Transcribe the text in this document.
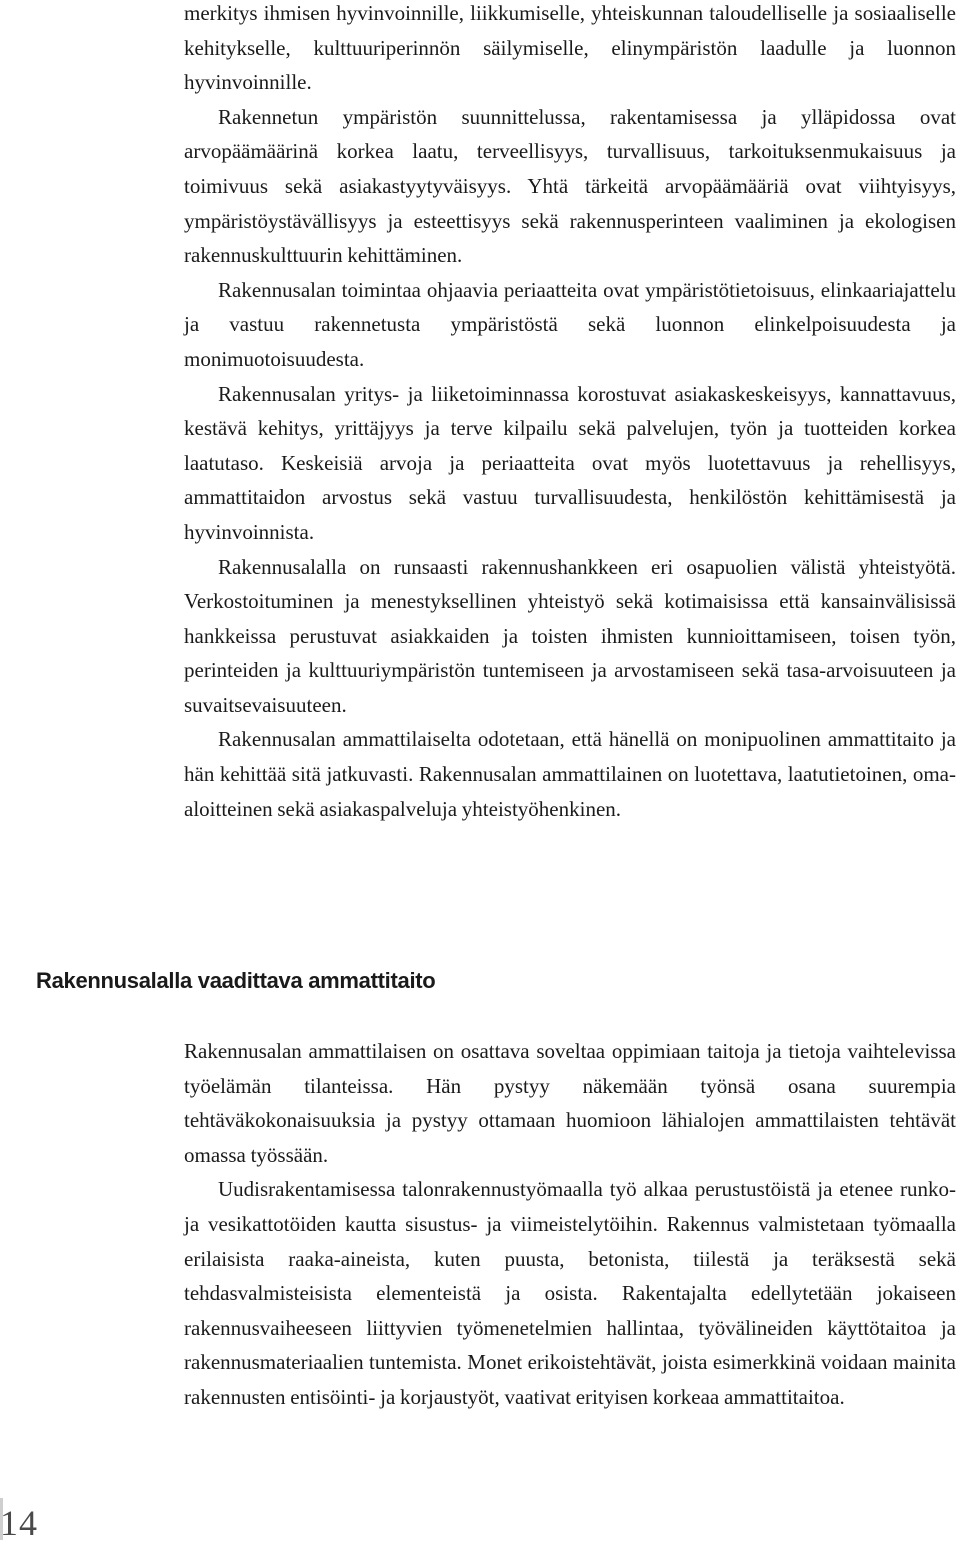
merkitys ihmisen hyvinvoinnille, liikkumiselle, yhteiskunnan taloudelliselle ja sosiaaliselle kehitykselle, kulttuuriperinnön säilymiselle, elinympäristön laadulle ja luonnon hyvinvoinnille.

Rakennetun ympäristön suunnittelussa, rakentamisessa ja ylläpidossa ovat arvopäämäärinä korkea laatu, terveellisyys, turvallisuus, tarkoituksenmukaisuus ja toimivuus sekä asiakastyytyväisyys. Yhtä tärkeitä arvopäämääriä ovat viihtyisyys, ympäristöystävällisyys ja esteettisyys sekä rakennusperinteen vaaliminen ja ekologisen rakennuskulttuurin kehittäminen.

Rakennusalan toimintaa ohjaavia periaatteita ovat ympäristötietoisuus, elinkaariajattelu ja vastuu rakennetusta ympäristöstä sekä luonnon elinkelpoisuudesta ja monimuotoisuudesta.

Rakennusalan yritys- ja liiketoiminnassa korostuvat asiakaskeskeisyys, kannattavuus, kestävä kehitys, yrittäjyys ja terve kilpailu sekä palvelujen, työn ja tuotteiden korkea laatutaso. Keskeisiä arvoja ja periaatteita ovat myös luotettavuus ja rehellisyys, ammattitaidon arvostus sekä vastuu turvallisuudesta, henkilöstön kehittämisestä ja hyvinvoinnista.

Rakennusalalla on runsaasti rakennushankkeen eri osapuolien välistä yhteistyötä. Verkostoituminen ja menestyksellinen yhteistyö sekä kotimaisissa että kansainvälisissä hankkeissa perustuvat asiakkaiden ja toisten ihmisten kunnioittamiseen, toisen työn, perinteiden ja kulttuuriympäristön tuntemiseen ja arvostamiseen sekä tasa-arvoisuuteen ja suvaitsevaisuuteen.

Rakennusalan ammattilaiselta odotetaan, että hänellä on monipuolinen ammattitaito ja hän kehittää sitä jatkuvasti. Rakennusalan ammattilainen on luotettava, laatutietoinen, oma-aloitteinen sekä asiakaspalveluja yhteistyöhenkinen.

Rakennusalalla vaadittava ammattitaito

Rakennusalan ammattilaisen on osattava soveltaa oppimiaan taitoja ja tietoja vaihtelevissa työelämän tilanteissa. Hän pystyy näkemään työnsä osana suurempia tehtäväkokonaisuuksia ja pystyy ottamaan huomioon lähialojen ammattilaisten tehtävät omassa työssään.

Uudisrakentamisessa talonrakennustyömaalla työ alkaa perustustöistä ja etenee runko- ja vesikattotöiden kautta sisustus- ja viimeistelytöihin. Rakennus valmistetaan työmaalla erilaisista raaka-aineista, kuten puusta, betonista, tiilestä ja teräksestä sekä tehdasvalmisteisista elementeistä ja osista. Rakentajalta edellytetään jokaiseen rakennusvaiheeseen liittyvien työmenetelmien hallintaa, työvälineiden käyttötaitoa ja rakennusmateriaalien tuntemista. Monet erikoistehtävät, joista esimerkkinä voidaan mainita rakennusten entisöinti- ja korjaustyöt, vaativat erityisen korkeaa ammattitaitoa.

14
